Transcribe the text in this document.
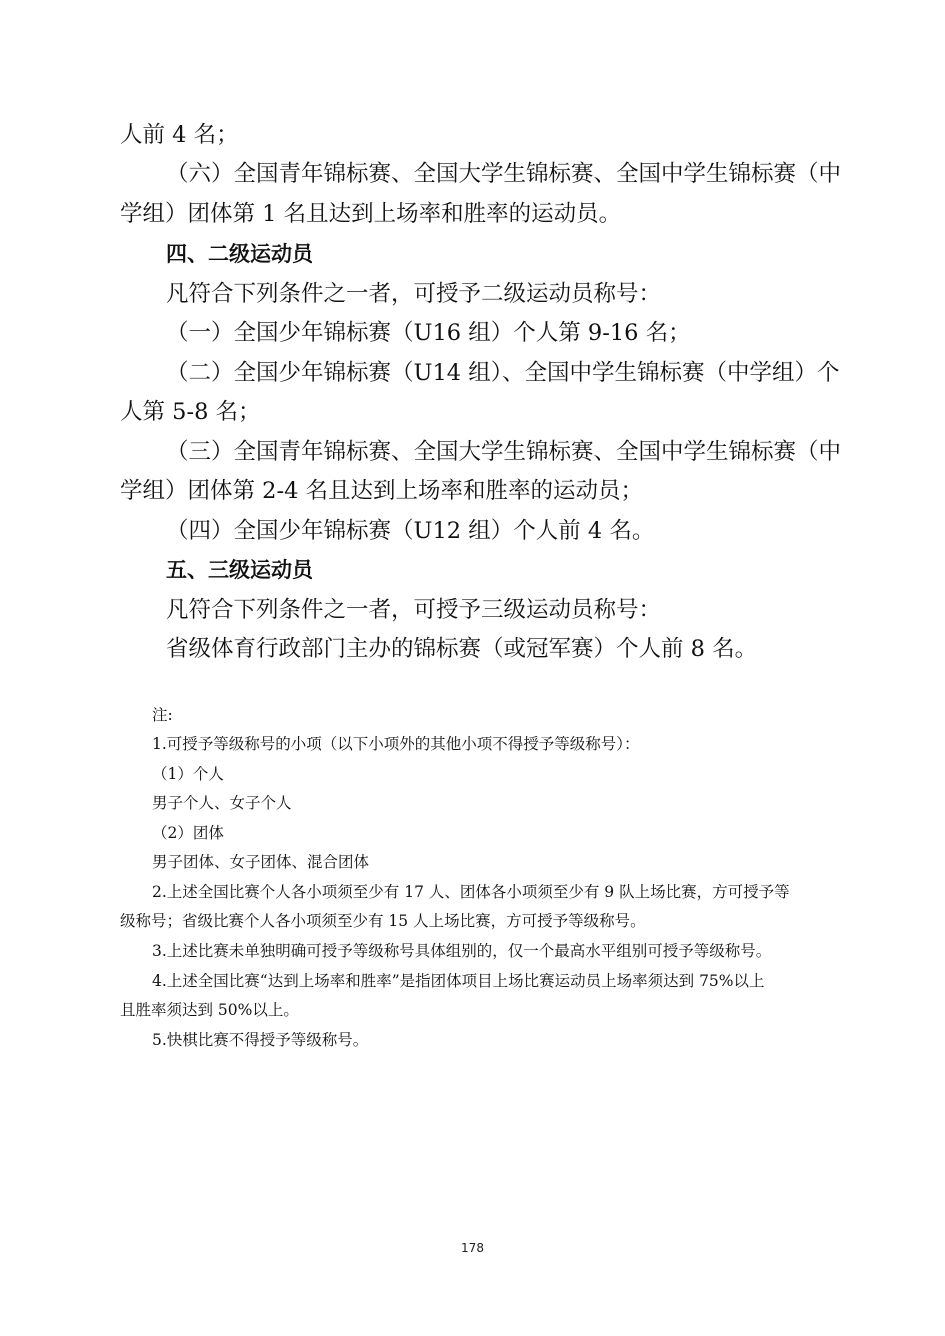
人前 4 名；
（六）全国青年锦标赛、全国大学生锦标赛、全国中学生锦标赛（中
学组）团体第 1 名且达到上场率和胜率的运动员。
四、二级运动员
凡符合下列条件之一者，可授予二级运动员称号：
（一）全国少年锦标赛（U16 组）个人第 9-16 名；
（二）全国少年锦标赛（U14 组）、全国中学生锦标赛（中学组）个
人第 5-8 名；
（三）全国青年锦标赛、全国大学生锦标赛、全国中学生锦标赛（中
学组）团体第 2-4 名且达到上场率和胜率的运动员；
（四）全国少年锦标赛（U12 组）个人前 4 名。
五、三级运动员
凡符合下列条件之一者，可授予三级运动员称号：
省级体育行政部门主办的锦标赛（或冠军赛）个人前 8 名。
注:
1.可授予等级称号的小项（以下小项外的其他小项不得授予等级称号）：
（1）个人
男子个人、女子个人
（2）团体
男子团体、女子团体、混合团体
2.上述全国比赛个人各小项须至少有 17 人、团体各小项须至少有 9 队上场比赛，方可授予等
级称号；省级比赛个人各小项须至少有 15 人上场比赛，方可授予等级称号。
3.上述比赛未单独明确可授予等级称号具体组别的，仅一个最高水平组别可授予等级称号。
4.上述全国比赛“达到上场率和胜率”是指团体项目上场比赛运动员上场率须达到 75%以上
且胜率须达到 50%以上。
5.快棋比赛不得授予等级称号。
178
